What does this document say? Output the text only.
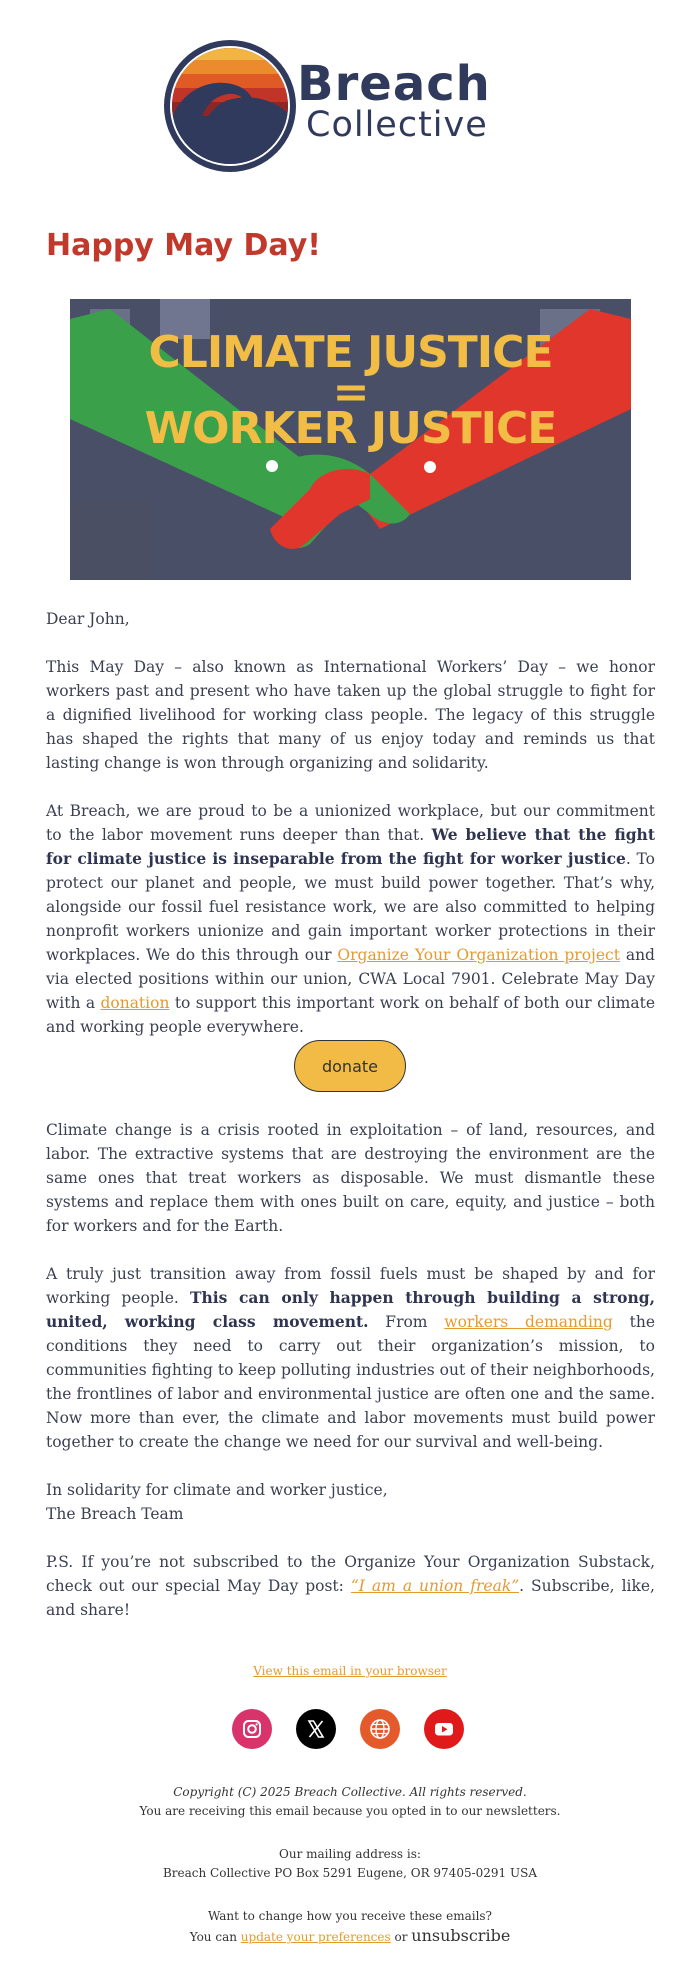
Breach
Collective
Happy May Day!
CLIMATE JUSTICE
=
WORKER JUSTICE

Dear John,

This May Day – also known as International Workers’ Day – we honor workers past and present who have taken up the global struggle to fight for a dignified livelihood for working class people. The legacy of this struggle has shaped the rights that many of us enjoy today and reminds us that lasting change is won through organizing and solidarity.

At Breach, we are proud to be a unionized workplace, but our commitment to the labor movement runs deeper than that. We believe that the fight for climate justice is inseparable from the fight for worker justice. To protect our planet and people, we must build power together. That’s why, alongside our fossil fuel resistance work, we are also committed to helping nonprofit workers unionize and gain important worker protections in their workplaces. We do this through our Organize Your Organization project and via elected positions within our union, CWA Local 7901. Celebrate May Day with a donation to support this important work on behalf of both our climate and working people everywhere.

donate

Climate change is a crisis rooted in exploitation – of land, resources, and labor. The extractive systems that are destroying the environment are the same ones that treat workers as disposable. We must dismantle these systems and replace them with ones built on care, equity, and justice – both for workers and for the Earth.

A truly just transition away from fossil fuels must be shaped by and for working people. This can only happen through building a strong, united, working class movement. From workers demanding the conditions they need to carry out their organization’s mission, to communities fighting to keep polluting industries out of their neighborhoods, the frontlines of labor and environmental justice are often one and the same. Now more than ever, the climate and labor movements must build power together to create the change we need for our survival and well-being.

In solidarity for climate and worker justice,
The Breach Team

P.S. If you’re not subscribed to the Organize Your Organization Substack, check out our special May Day post: “I am a union freak”. Subscribe, like, and share!

View this email in your browser
Copyright (C) 2025 Breach Collective. All rights reserved.
You are receiving this email because you opted in to our newsletters.
Our mailing address is:
Breach Collective PO Box 5291 Eugene, OR 97405-0291 USA
Want to change how you receive these emails?
You can update your preferences or unsubscribe
